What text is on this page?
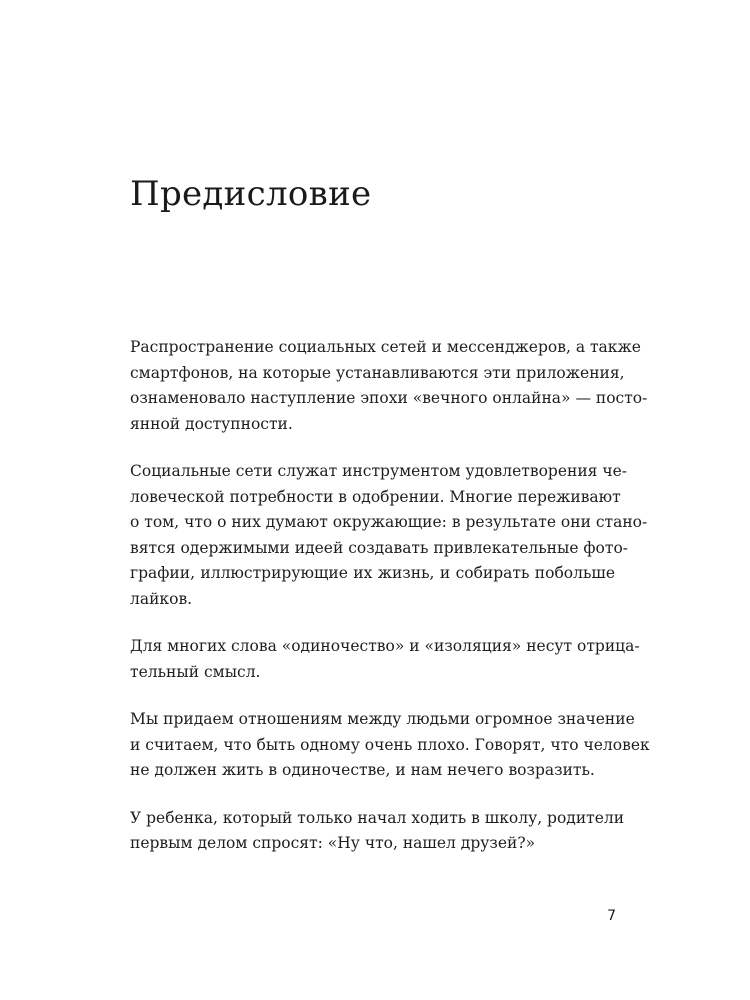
Предисловие

Распространение социальных сетей и мессенджеров, а также
смартфонов, на которые устанавливаются эти приложения,
ознаменовало наступление эпохи «вечного онлайна» — посто-
янной доступности.

Социальные сети служат инструментом удовлетворения че-
ловеческой потребности в одобрении. Многие переживают
о том, что о них думают окружающие: в результате они стано-
вятся одержимыми идеей создавать привлекательные фото-
графии, иллюстрирующие их жизнь, и собирать побольше
лайков.

Для многих слова «одиночество» и «изоляция» несут отрица-
тельный смысл.

Мы придаем отношениям между людьми огромное значение
и считаем, что быть одному очень плохо. Говорят, что человек
не должен жить в одиночестве, и нам нечего возразить.

У ребенка, который только начал ходить в школу, родители
первым делом спросят: «Ну что, нашел друзей?»

7
